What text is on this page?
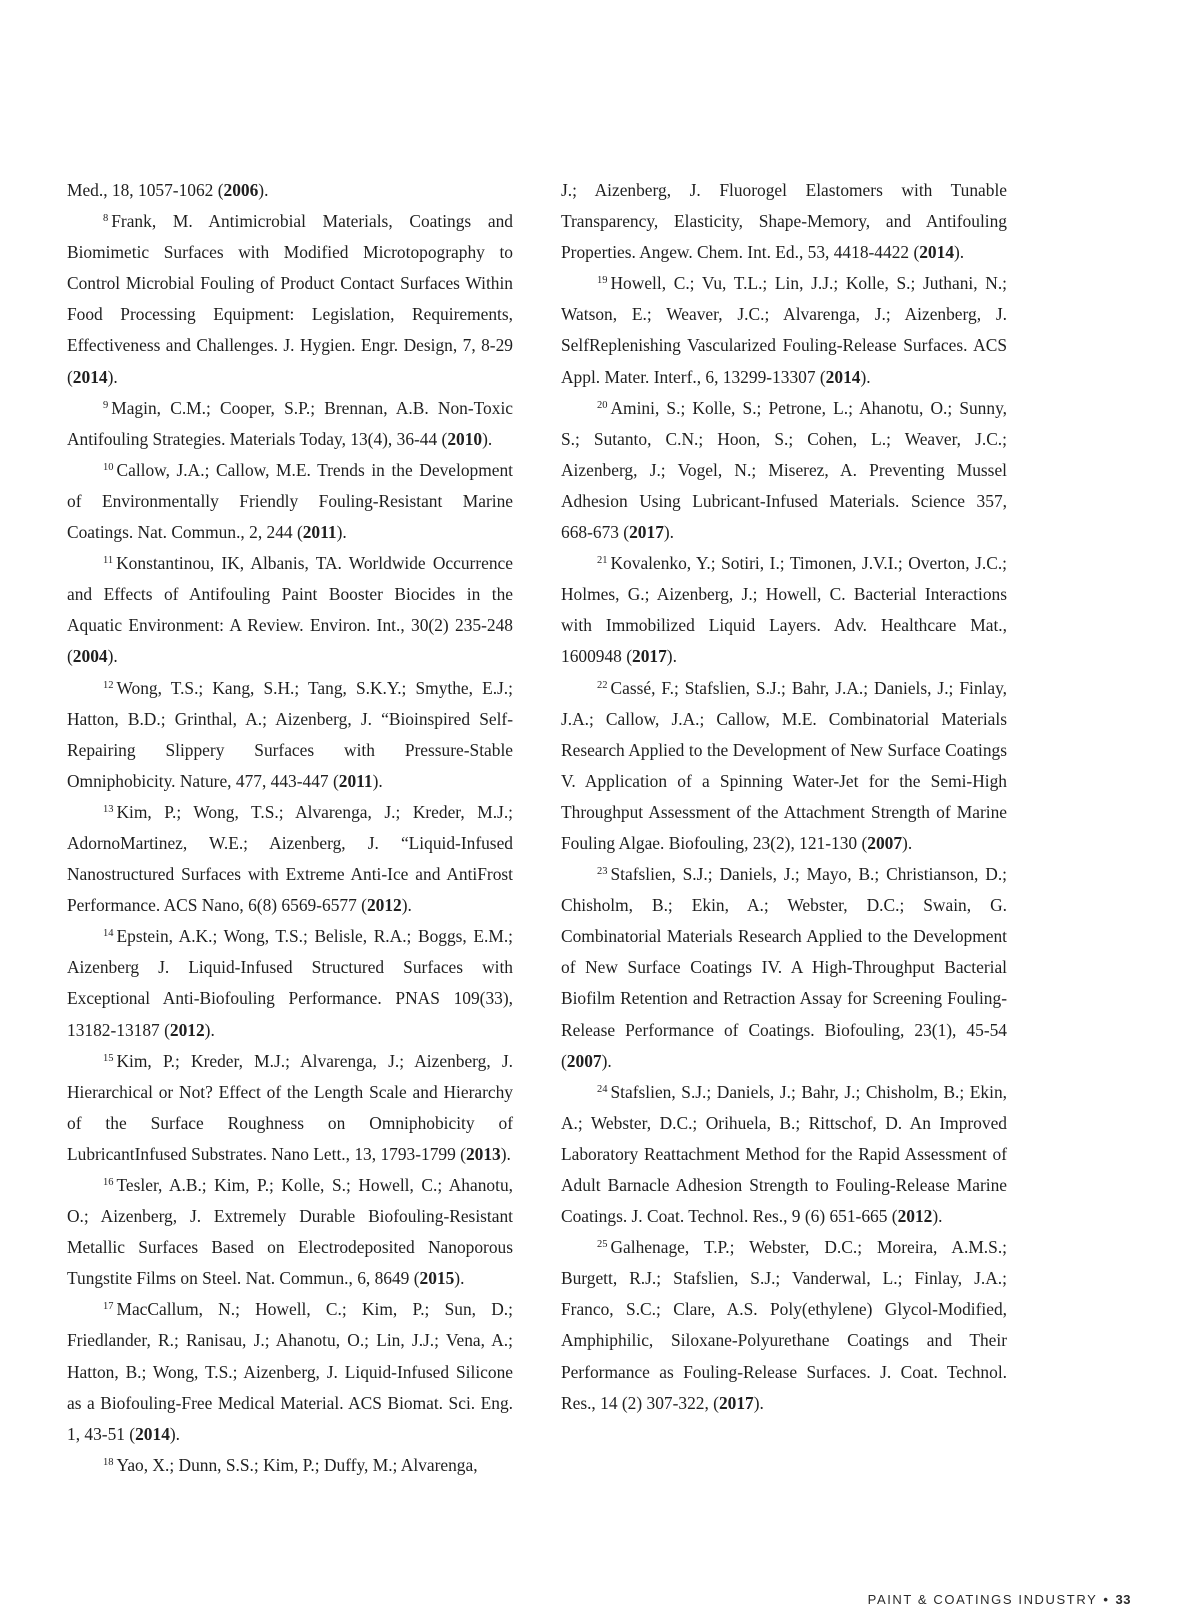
Med., 18, 1057-1062 (2006).

$^8$ Frank, M. Antimicrobial Materials, Coatings and Biomimetic Surfaces with Modified Microtopography to Control Microbial Fouling of Product Contact Surfaces Within Food Processing Equipment: Legislation, Requirements, Effectiveness and Challenges. J. Hygien. Engr. Design, 7, 8-29 (2014).

$^9$ Magin, C.M.; Cooper, S.P.; Brennan, A.B. Non-Toxic Antifouling Strategies. Materials Today, 13(4), 36-44 (2010).

$^{10}$ Callow, J.A.; Callow, M.E. Trends in the Development of Environmentally Friendly Fouling-Resistant Marine Coatings. Nat. Commun., 2, 244 (2011).

$^{11}$ Konstantinou, IK, Albanis, TA. Worldwide Occurrence and Effects of Antifouling Paint Booster Biocides in the Aquatic Environment: A Review. Environ. Int., 30(2) 235-248 (2004).

$^{12}$ Wong, T.S.; Kang, S.H.; Tang, S.K.Y.; Smythe, E.J.; Hatton, B.D.; Grinthal, A.; Aizenberg, J. “Bioinspired Self-Repairing Slippery Surfaces with Pressure-Stable Omniphobicity. Nature, 477, 443-447 (2011).

$^{13}$ Kim, P.; Wong, T.S.; Alvarenga, J.; Kreder, M.J.; AdornoMartinez, W.E.; Aizenberg, J. “Liquid-Infused Nanostructured Surfaces with Extreme Anti-Ice and AntiFrost Performance. ACS Nano, 6(8) 6569-6577 (2012).

$^{14}$ Epstein, A.K.; Wong, T.S.; Belisle, R.A.; Boggs, E.M.; Aizenberg J. Liquid-Infused Structured Surfaces with Exceptional Anti-Biofouling Performance. PNAS 109(33), 13182-13187 (2012).

$^{15}$ Kim, P.; Kreder, M.J.; Alvarenga, J.; Aizenberg, J. Hierarchical or Not? Effect of the Length Scale and Hierarchy of the Surface Roughness on Omniphobicity of LubricantInfused Substrates. Nano Lett., 13, 1793-1799 (2013).

$^{16}$ Tesler, A.B.; Kim, P.; Kolle, S.; Howell, C.; Ahanotu, O.; Aizenberg, J. Extremely Durable Biofouling-Resistant Metallic Surfaces Based on Electrodeposited Nanoporous Tungstite Films on Steel. Nat. Commun., 6, 8649 (2015).

$^{17}$ MacCallum, N.; Howell, C.; Kim, P.; Sun, D.; Friedlander, R.; Ranisau, J.; Ahanotu, O.; Lin, J.J.; Vena, A.; Hatton, B.; Wong, T.S.; Aizenberg, J. Liquid-Infused Silicone as a Biofouling-Free Medical Material. ACS Biomat. Sci. Eng. 1, 43-51 (2014).

$^{18}$ Yao, X.; Dunn, S.S.; Kim, P.; Duffy, M.; Alvarenga,

J.; Aizenberg, J. Fluorogel Elastomers with Tunable Transparency, Elasticity, Shape-Memory, and Antifouling Properties. Angew. Chem. Int. Ed., 53, 4418-4422 (2014).

$^{19}$ Howell, C.; Vu, T.L.; Lin, J.J.; Kolle, S.; Juthani, N.; Watson, E.; Weaver, J.C.; Alvarenga, J.; Aizenberg, J. SelfReplenishing Vascularized Fouling-Release Surfaces. ACS Appl. Mater. Interf., 6, 13299-13307 (2014).

$^{20}$ Amini, S.; Kolle, S.; Petrone, L.; Ahanotu, O.; Sunny, S.; Sutanto, C.N.; Hoon, S.; Cohen, L.; Weaver, J.C.; Aizenberg, J.; Vogel, N.; Miserez, A. Preventing Mussel Adhesion Using Lubricant-Infused Materials. Science 357, 668-673 (2017).

$^{21}$ Kovalenko, Y.; Sotiri, I.; Timonen, J.V.I.; Overton, J.C.; Holmes, G.; Aizenberg, J.; Howell, C. Bacterial Interactions with Immobilized Liquid Layers. Adv. Healthcare Mat., 1600948 (2017).

$^{22}$ Cassé, F.; Stafslien, S.J.; Bahr, J.A.; Daniels, J.; Finlay, J.A.; Callow, J.A.; Callow, M.E. Combinatorial Materials Research Applied to the Development of New Surface Coatings V. Application of a Spinning Water-Jet for the Semi-High Throughput Assessment of the Attachment Strength of Marine Fouling Algae. Biofouling, 23(2), 121-130 (2007).

$^{23}$ Stafslien, S.J.; Daniels, J.; Mayo, B.; Christianson, D.; Chisholm, B.; Ekin, A.; Webster, D.C.; Swain, G. Combinatorial Materials Research Applied to the Development of New Surface Coatings IV. A High-Throughput Bacterial Biofilm Retention and Retraction Assay for Screening Fouling-Release Performance of Coatings. Biofouling, 23(1), 45-54 (2007).

$^{24}$ Stafslien, S.J.; Daniels, J.; Bahr, J.; Chisholm, B.; Ekin, A.; Webster, D.C.; Orihuela, B.; Rittschof, D. An Improved Laboratory Reattachment Method for the Rapid Assessment of Adult Barnacle Adhesion Strength to Fouling-Release Marine Coatings. J. Coat. Technol. Res., 9 (6) 651-665 (2012).

$^{25}$ Galhenage, T.P.; Webster, D.C.; Moreira, A.M.S.; Burgett, R.J.; Stafslien, S.J.; Vanderwal, L.; Finlay, J.A.; Franco, S.C.; Clare, A.S. Poly(ethylene) Glycol-Modified, Amphiphilic, Siloxane-Polyurethane Coatings and Their Performance as Fouling-Release Surfaces. J. Coat. Technol. Res., 14 (2) 307-322, (2017).

PAINT & COATINGS INDUSTRY • 33
